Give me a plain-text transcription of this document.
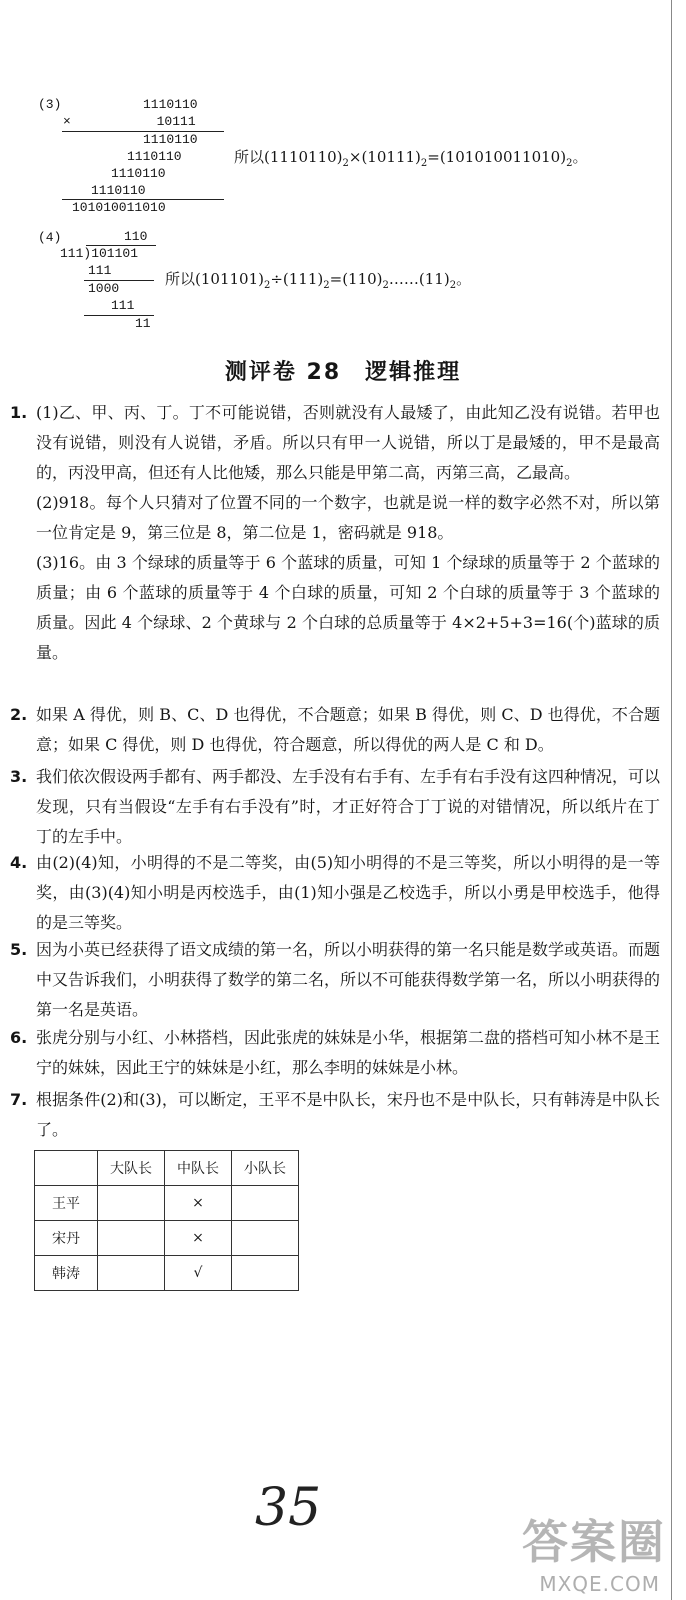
(3)	1110110
×           10111
1110110
1110110
1110110
1110110
101010011010
所以$(1110110)_2\times(10111)_2=(101010011010)_2$。
(4)	110
111)101101
111
1000
111
11
所以$(101101)_2\div(111)_2=(110)_2\dots\dots(11)_2$。
测评卷 28　逻辑推理
1. (1)乙、甲、丙、丁。丁不可能说错，否则就没有人最矮了，由此知乙没有说错。若甲也没有说错，则没有人说错，矛盾。所以只有甲一人说错，所以丁是最矮的，甲不是最高的，丙没甲高，但还有人比他矮，那么只能是甲第二高，丙第三高，乙最高。

(2)918。每个人只猜对了位置不同的一个数字，也就是说一样的数字必然不对，所以第一位肯定是 9，第三位是 8，第二位是 1，密码就是 918。

(3)16。由 3 个绿球的质量等于 6 个蓝球的质量，可知 1 个绿球的质量等于 2 个蓝球的质量；由 6 个蓝球的质量等于 4 个白球的质量，可知 2 个白球的质量等于 3 个蓝球的质量。因此 4 个绿球、2 个黄球与 2 个白球的总质量等于 4×2+5+3=16(个)蓝球的质量。

2. 如果 A 得优，则 B、C、D 也得优，不合题意；如果 B 得优，则 C、D 也得优，不合题意；如果 C 得优，则 D 也得优，符合题意，所以得优的两人是 C 和 D。

3. 我们依次假设两手都有、两手都没、左手没有右手有、左手有右手没有这四种情况，可以发现，只有当假设“左手有右手没有”时，才正好符合丁丁说的对错情况，所以纸片在丁丁的左手中。

4. 由(2)(4)知，小明得的不是二等奖，由(5)知小明得的不是三等奖，所以小明得的是一等奖，由(3)(4)知小明是丙校选手，由(1)知小强是乙校选手，所以小勇是甲校选手，他得的是三等奖。

5. 因为小英已经获得了语文成绩的第一名，所以小明获得的第一名只能是数学或英语。而题中又告诉我们，小明获得了数学的第二名，所以不可能获得数学第一名，所以小明获得的第一名是英语。

6. 张虎分别与小红、小林搭档，因此张虎的妹妹是小华，根据第二盘的搭档可知小林不是王宁的妹妹，因此王宁的妹妹是小红，那么李明的妹妹是小林。

7. 根据条件(2)和(3)，可以断定，王平不是中队长，宋丹也不是中队长，只有韩涛是中队长了。

	大队长	中队长	小队长
王平		×	
宋丹		×	
韩涛		√	
35
答案圈
MXQE.COM
